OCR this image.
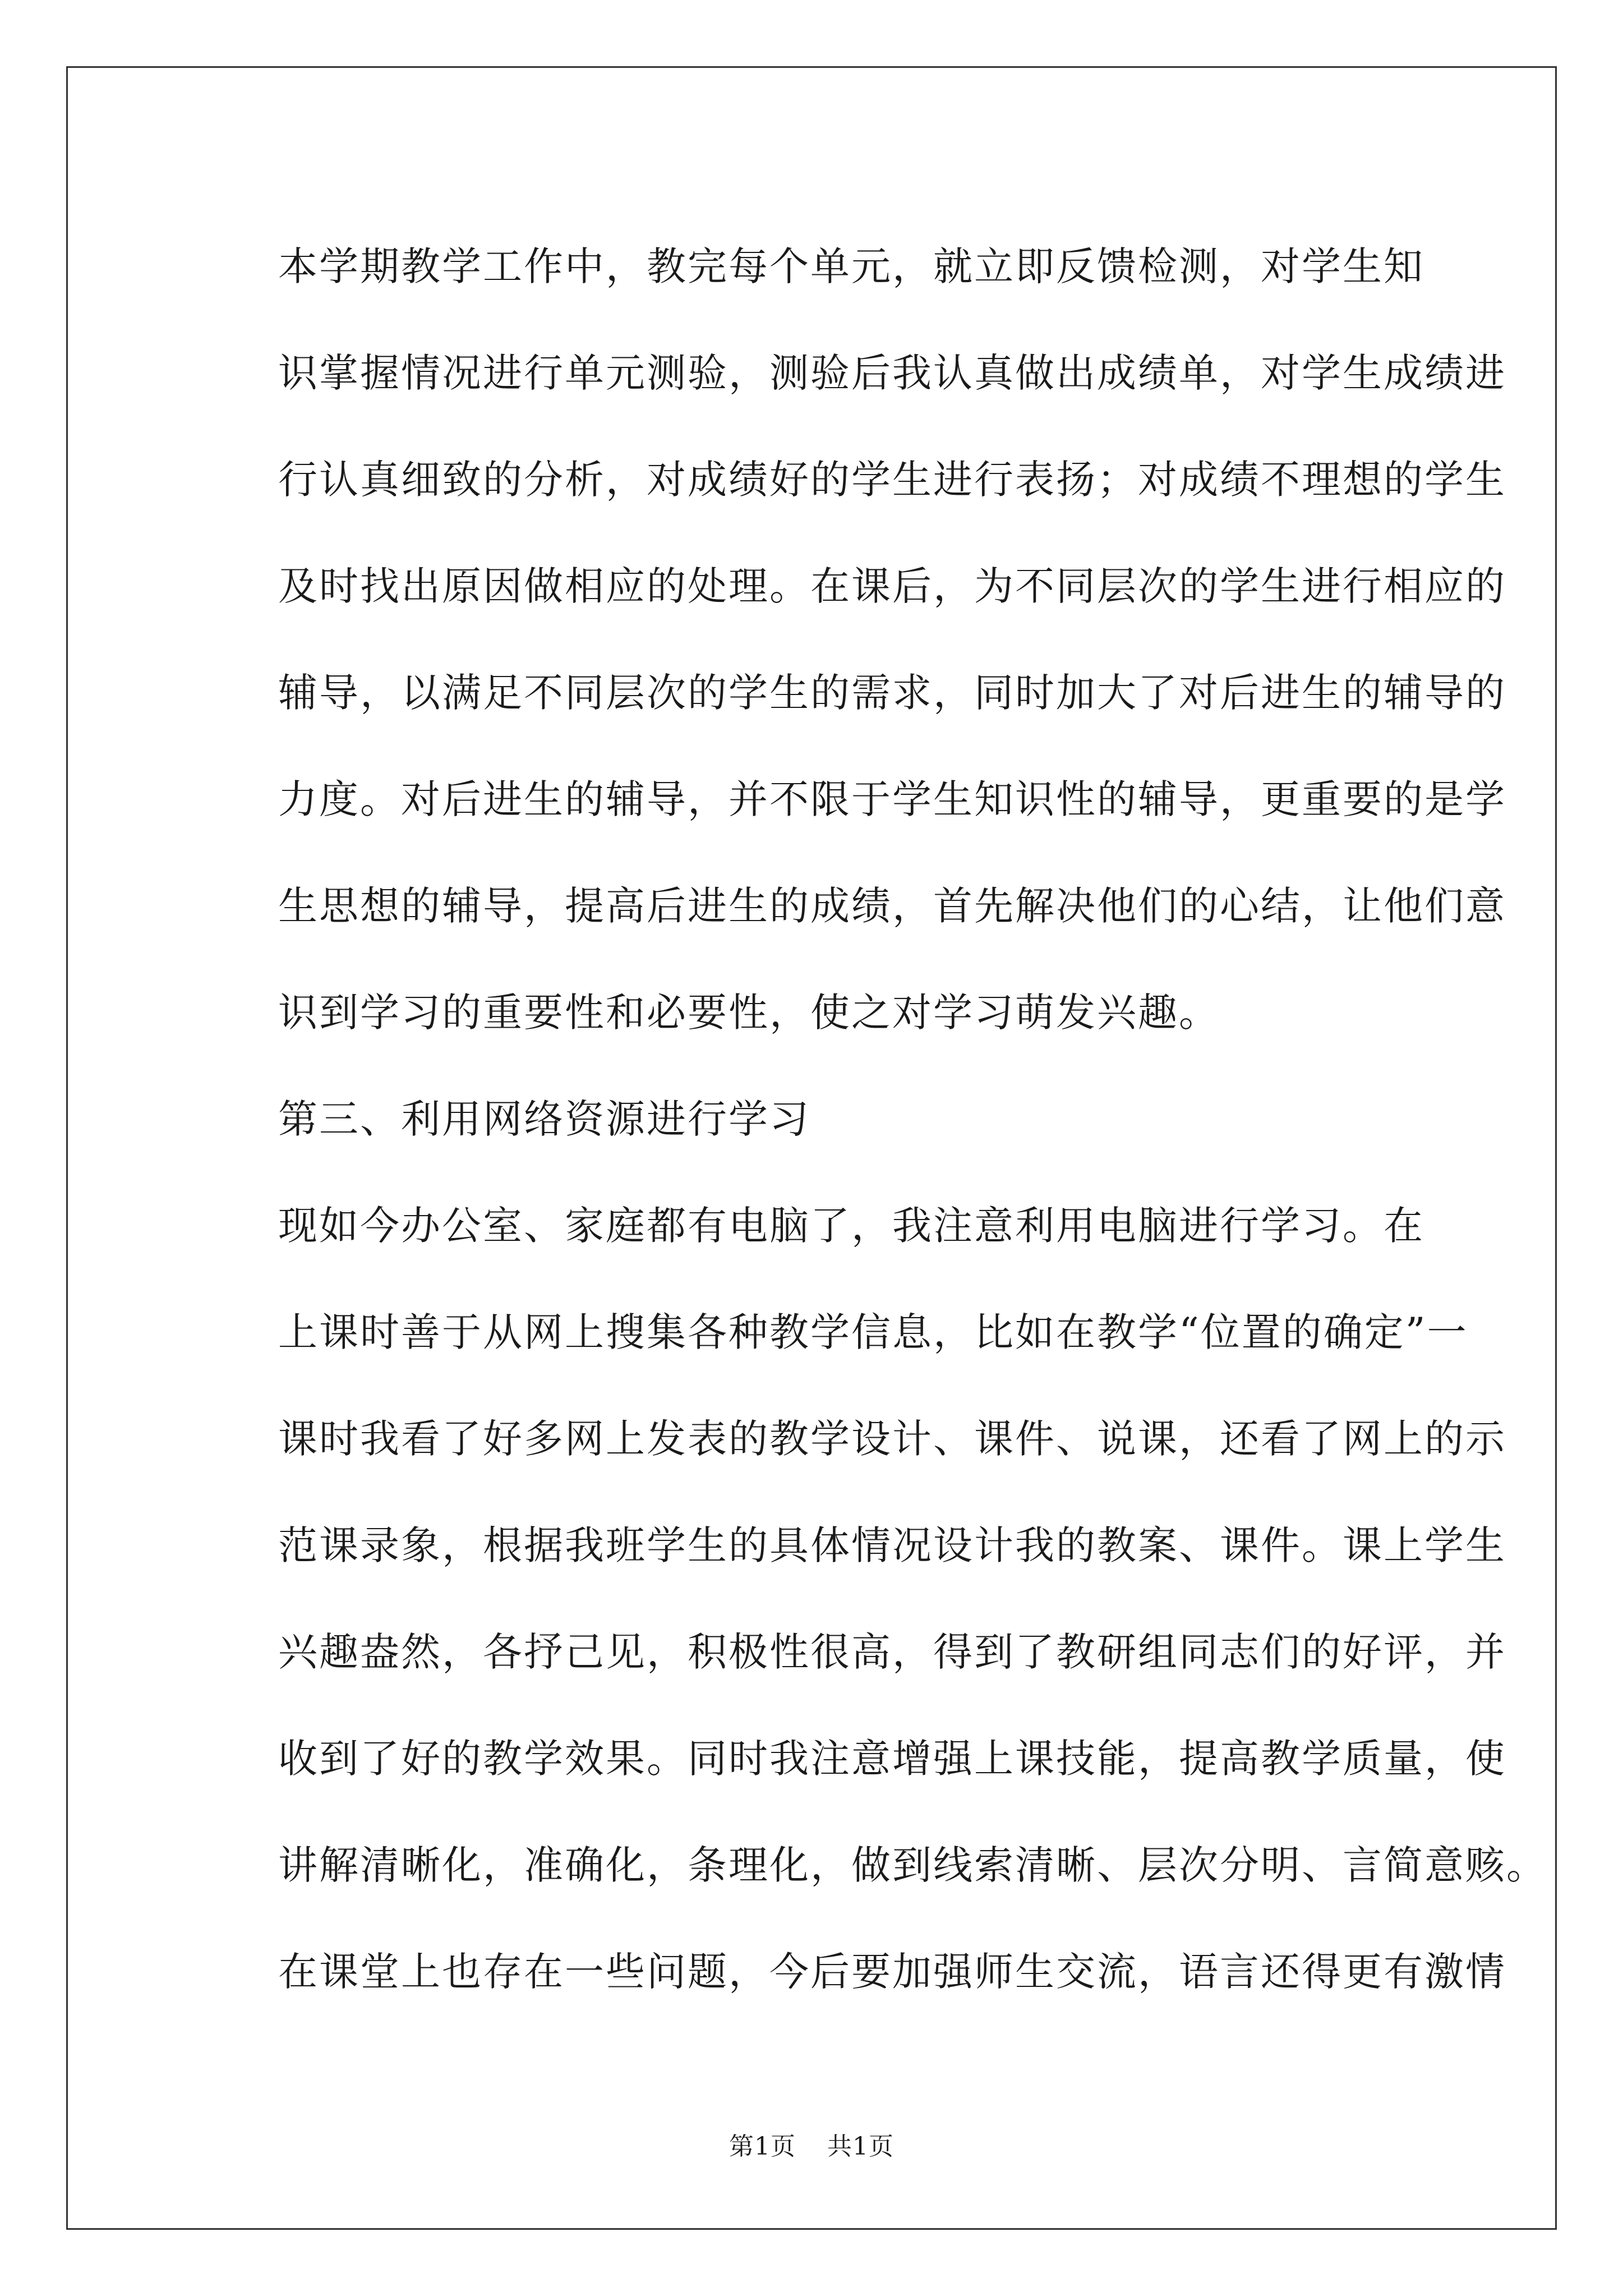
本学期教学工作中，教完每个单元，就立即反馈检测，对学生知
识掌握情况进行单元测验，测验后我认真做出成绩单，对学生成绩进
行认真细致的分析，对成绩好的学生进行表扬；对成绩不理想的学生
及时找出原因做相应的处理。在课后，为不同层次的学生进行相应的
辅导，以满足不同层次的学生的需求，同时加大了对后进生的辅导的
力度。对后进生的辅导，并不限于学生知识性的辅导，更重要的是学
生思想的辅导，提高后进生的成绩，首先解决他们的心结，让他们意
识到学习的重要性和必要性，使之对学习萌发兴趣。

第三、利用网络资源进行学习

现如今办公室、家庭都有电脑了，我注意利用电脑进行学习。在
上课时善于从网上搜集各种教学信息，比如在教学“位置的确定”一
课时我看了好多网上发表的教学设计、课件、说课，还看了网上的示
范课录象，根据我班学生的具体情况设计我的教案、课件。课上学生
兴趣盎然，各抒己见，积极性很高，得到了教研组同志们的好评，并
收到了好的教学效果。同时我注意增强上课技能，提高教学质量，使
讲解清晰化，准确化，条理化，做到线索清晰、层次分明、言简意赅。
在课堂上也存在一些问题，今后要加强师生交流，语言还得更有激情

第1页 共1页
